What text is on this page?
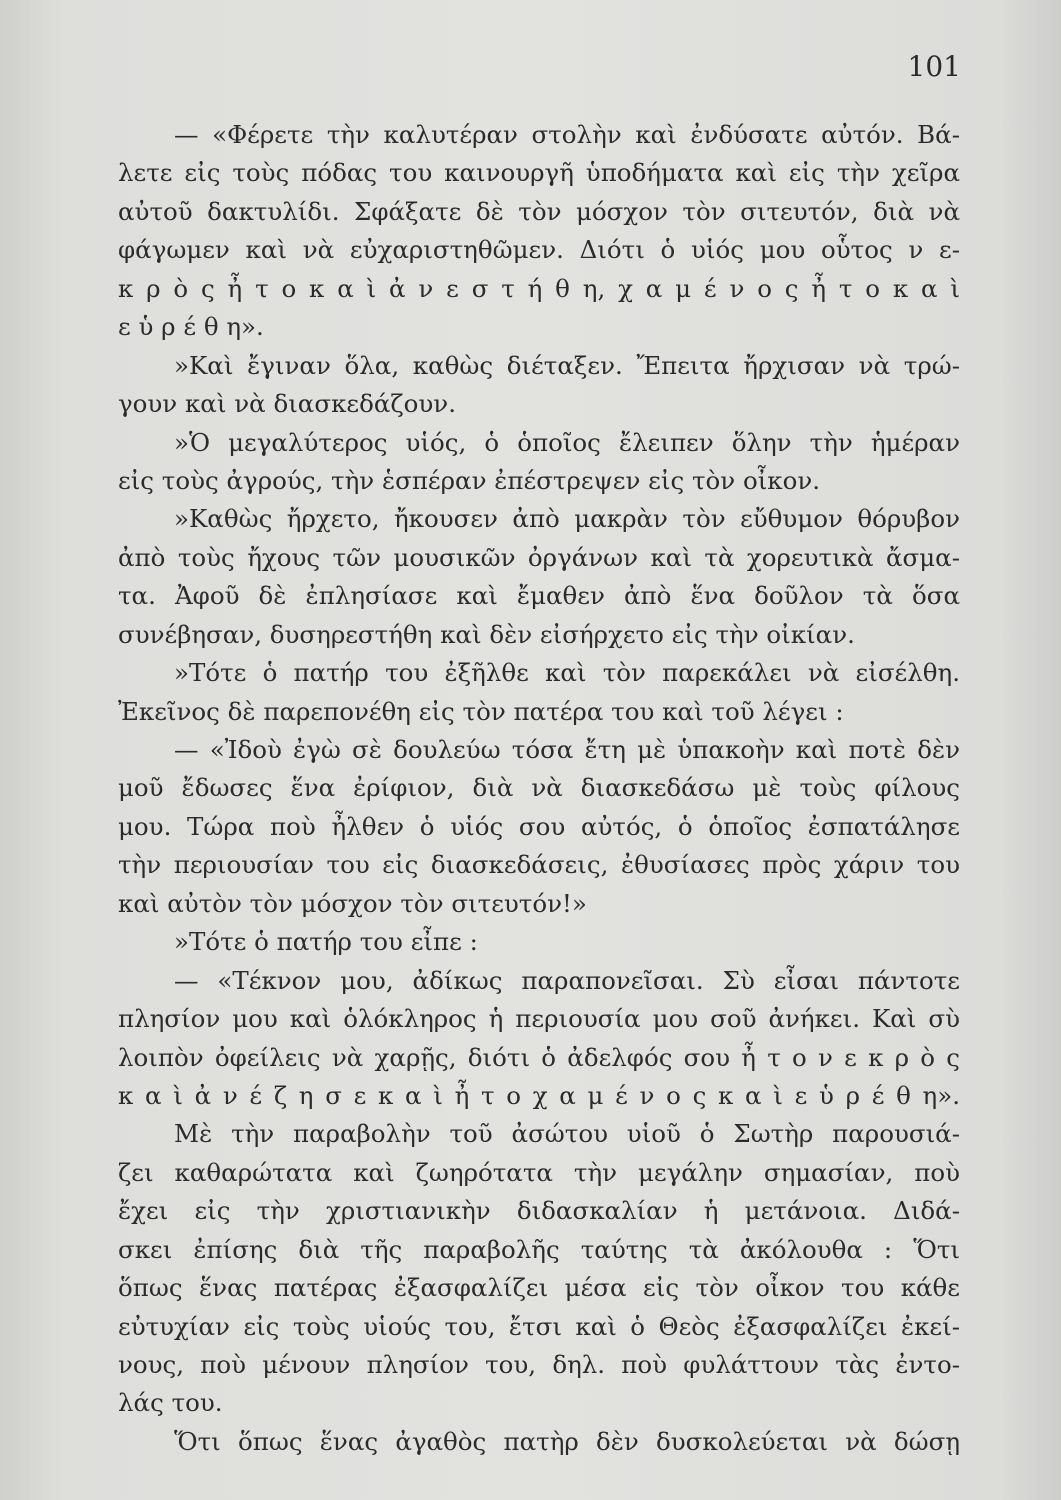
101
— «Φέρετε τὴν καλυτέραν στολὴν καὶ ἐνδύσατε αὐτόν. Βά-
λετε εἰς τοὺς πόδας του καινουργῆ ὑποδήματα καὶ εἰς τὴν χεῖρα
αὐτοῦ δακτυλίδι. Σφάξατε δὲ τὸν μόσχον τὸν σιτευτόν, διὰ νὰ
φάγωμεν καὶ νὰ εὐχαριστηθῶμεν. Διότι ὁ υἱός μου οὗτος ν ε-
κ ρ ὸ ς ἦ τ ο κ α ὶ ἀ ν ε σ τ ή θ η, χ α μ έ ν ο ς ἦ τ ο κ α ὶ
ε ὑ ρ έ θ η».
»Καὶ ἔγιναν ὅλα, καθὼς διέταξεν. Ἔπειτα ἤρχισαν νὰ τρώ-
γουν καὶ νὰ διασκεδάζουν.
»Ὁ μεγαλύτερος υἱός, ὁ ὁποῖος ἔλειπεν ὅλην τὴν ἡμέραν
εἰς τοὺς ἀγρούς, τὴν ἑσπέραν ἐπέστρεψεν εἰς τὸν οἶκον.
»Καθὼς ἤρχετο, ἤκουσεν ἀπὸ μακρὰν τὸν εὔθυμον θόρυβον
ἀπὸ τοὺς ἤχους τῶν μουσικῶν ὀργάνων καὶ τὰ χορευτικὰ ἄσμα-
τα. Ἀφοῦ δὲ ἐπλησίασε καὶ ἔμαθεν ἀπὸ ἕνα δοῦλον τὰ ὅσα
συνέβησαν, δυσηρεστήθη καὶ δὲν εἰσήρχετο εἰς τὴν οἰκίαν.
»Τότε ὁ πατήρ του ἐξῆλθε καὶ τὸν παρεκάλει νὰ εἰσέλθη.
Ἐκεῖνος δὲ παρεπονέθη εἰς τὸν πατέρα του καὶ τοῦ λέγει :
— «Ἰδοὺ ἐγὼ σὲ δουλεύω τόσα ἔτη μὲ ὑπακοὴν καὶ ποτὲ δὲν
μοῦ ἔδωσες ἕνα ἐρίφιον, διὰ νὰ διασκεδάσω μὲ τοὺς φίλους
μου. Τώρα ποὺ ἦλθεν ὁ υἱός σου αὐτός, ὁ ὁποῖος ἐσπατάλησε
τὴν περιουσίαν του εἰς διασκεδάσεις, ἐθυσίασες πρὸς χάριν του
καὶ αὐτὸν τὸν μόσχον τὸν σιτευτόν!»
»Τότε ὁ πατήρ του εἶπε :
— «Τέκνον μου, ἀδίκως παραπονεῖσαι. Σὺ εἶσαι πάντοτε
πλησίον μου καὶ ὁλόκληρος ἡ περιουσία μου σοῦ ἀνήκει. Καὶ σὺ
λοιπὸν ὀφείλεις νὰ χαρῇς, διότι ὁ ἀδελφός σου ἦ τ ο ν ε κ ρ ὸ ς
κ α ὶ ἀ ν έ ζ η σ ε κ α ὶ ἦ τ ο χ α μ έ ν ο ς κ α ὶ ε ὑ ρ έ θ η».
Μὲ τὴν παραβολὴν τοῦ ἀσώτου υἱοῦ ὁ Σωτὴρ παρουσιά-
ζει καθαρώτατα καὶ ζωηρότατα τὴν μεγάλην σημασίαν, ποὺ
ἔχει εἰς τὴν χριστιανικὴν διδασκαλίαν ἡ μετάνοια. Διδά-
σκει ἐπίσης διὰ τῆς παραβολῆς ταύτης τὰ ἀκόλουθα : Ὅτι
ὅπως ἕνας πατέρας ἐξασφαλίζει μέσα εἰς τὸν οἶκον του κάθε
εὐτυχίαν εἰς τοὺς υἱούς του, ἔτσι καὶ ὁ Θεὸς ἐξασφαλίζει ἐκεί-
νους, ποὺ μένουν πλησίον του, δηλ. ποὺ φυλάττουν τὰς ἐντο-
λάς του.
Ὅτι ὅπως ἕνας ἀγαθὸς πατὴρ δὲν δυσκολεύεται νὰ δώσῃ
